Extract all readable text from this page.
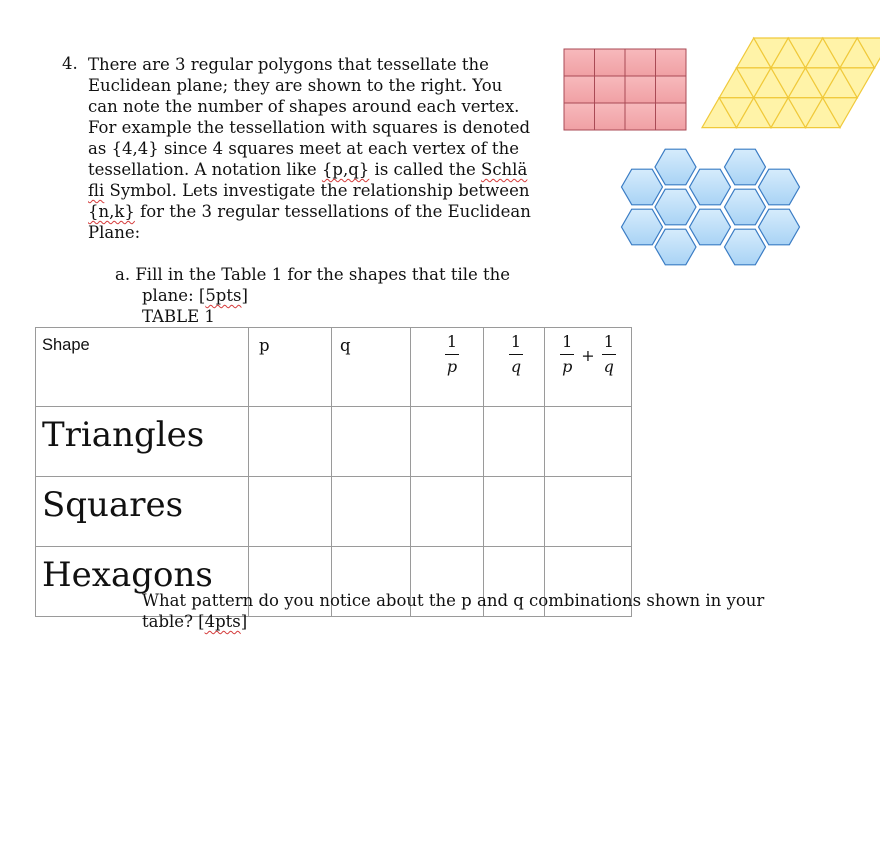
4. There are 3 regular polygons that tessellate the
Euclidean plane; they are shown to the right. You
can note the number of shapes around each vertex.
For example the tessellation with squares is denoted
as {4,4} since 4 squares meet at each vertex of the
tessellation. A notation like {p,q} is called the Schlä
fli Symbol. Lets investigate the relationship between
{n,k} for the 3 regular tessellations of the Euclidean
Plane:
a. Fill in the Table 1 for the shapes that tile the
plane: [5pts]
TABLE 1
Shape	p	q	$\frac{1}{p}$	$\frac{1}{q}$	$\frac{1}{p} + \frac{1}{q}$

Triangles					
Squares					
Hexagons					
What pattern do you notice about the p and q combinations shown in your
table? [4pts]
